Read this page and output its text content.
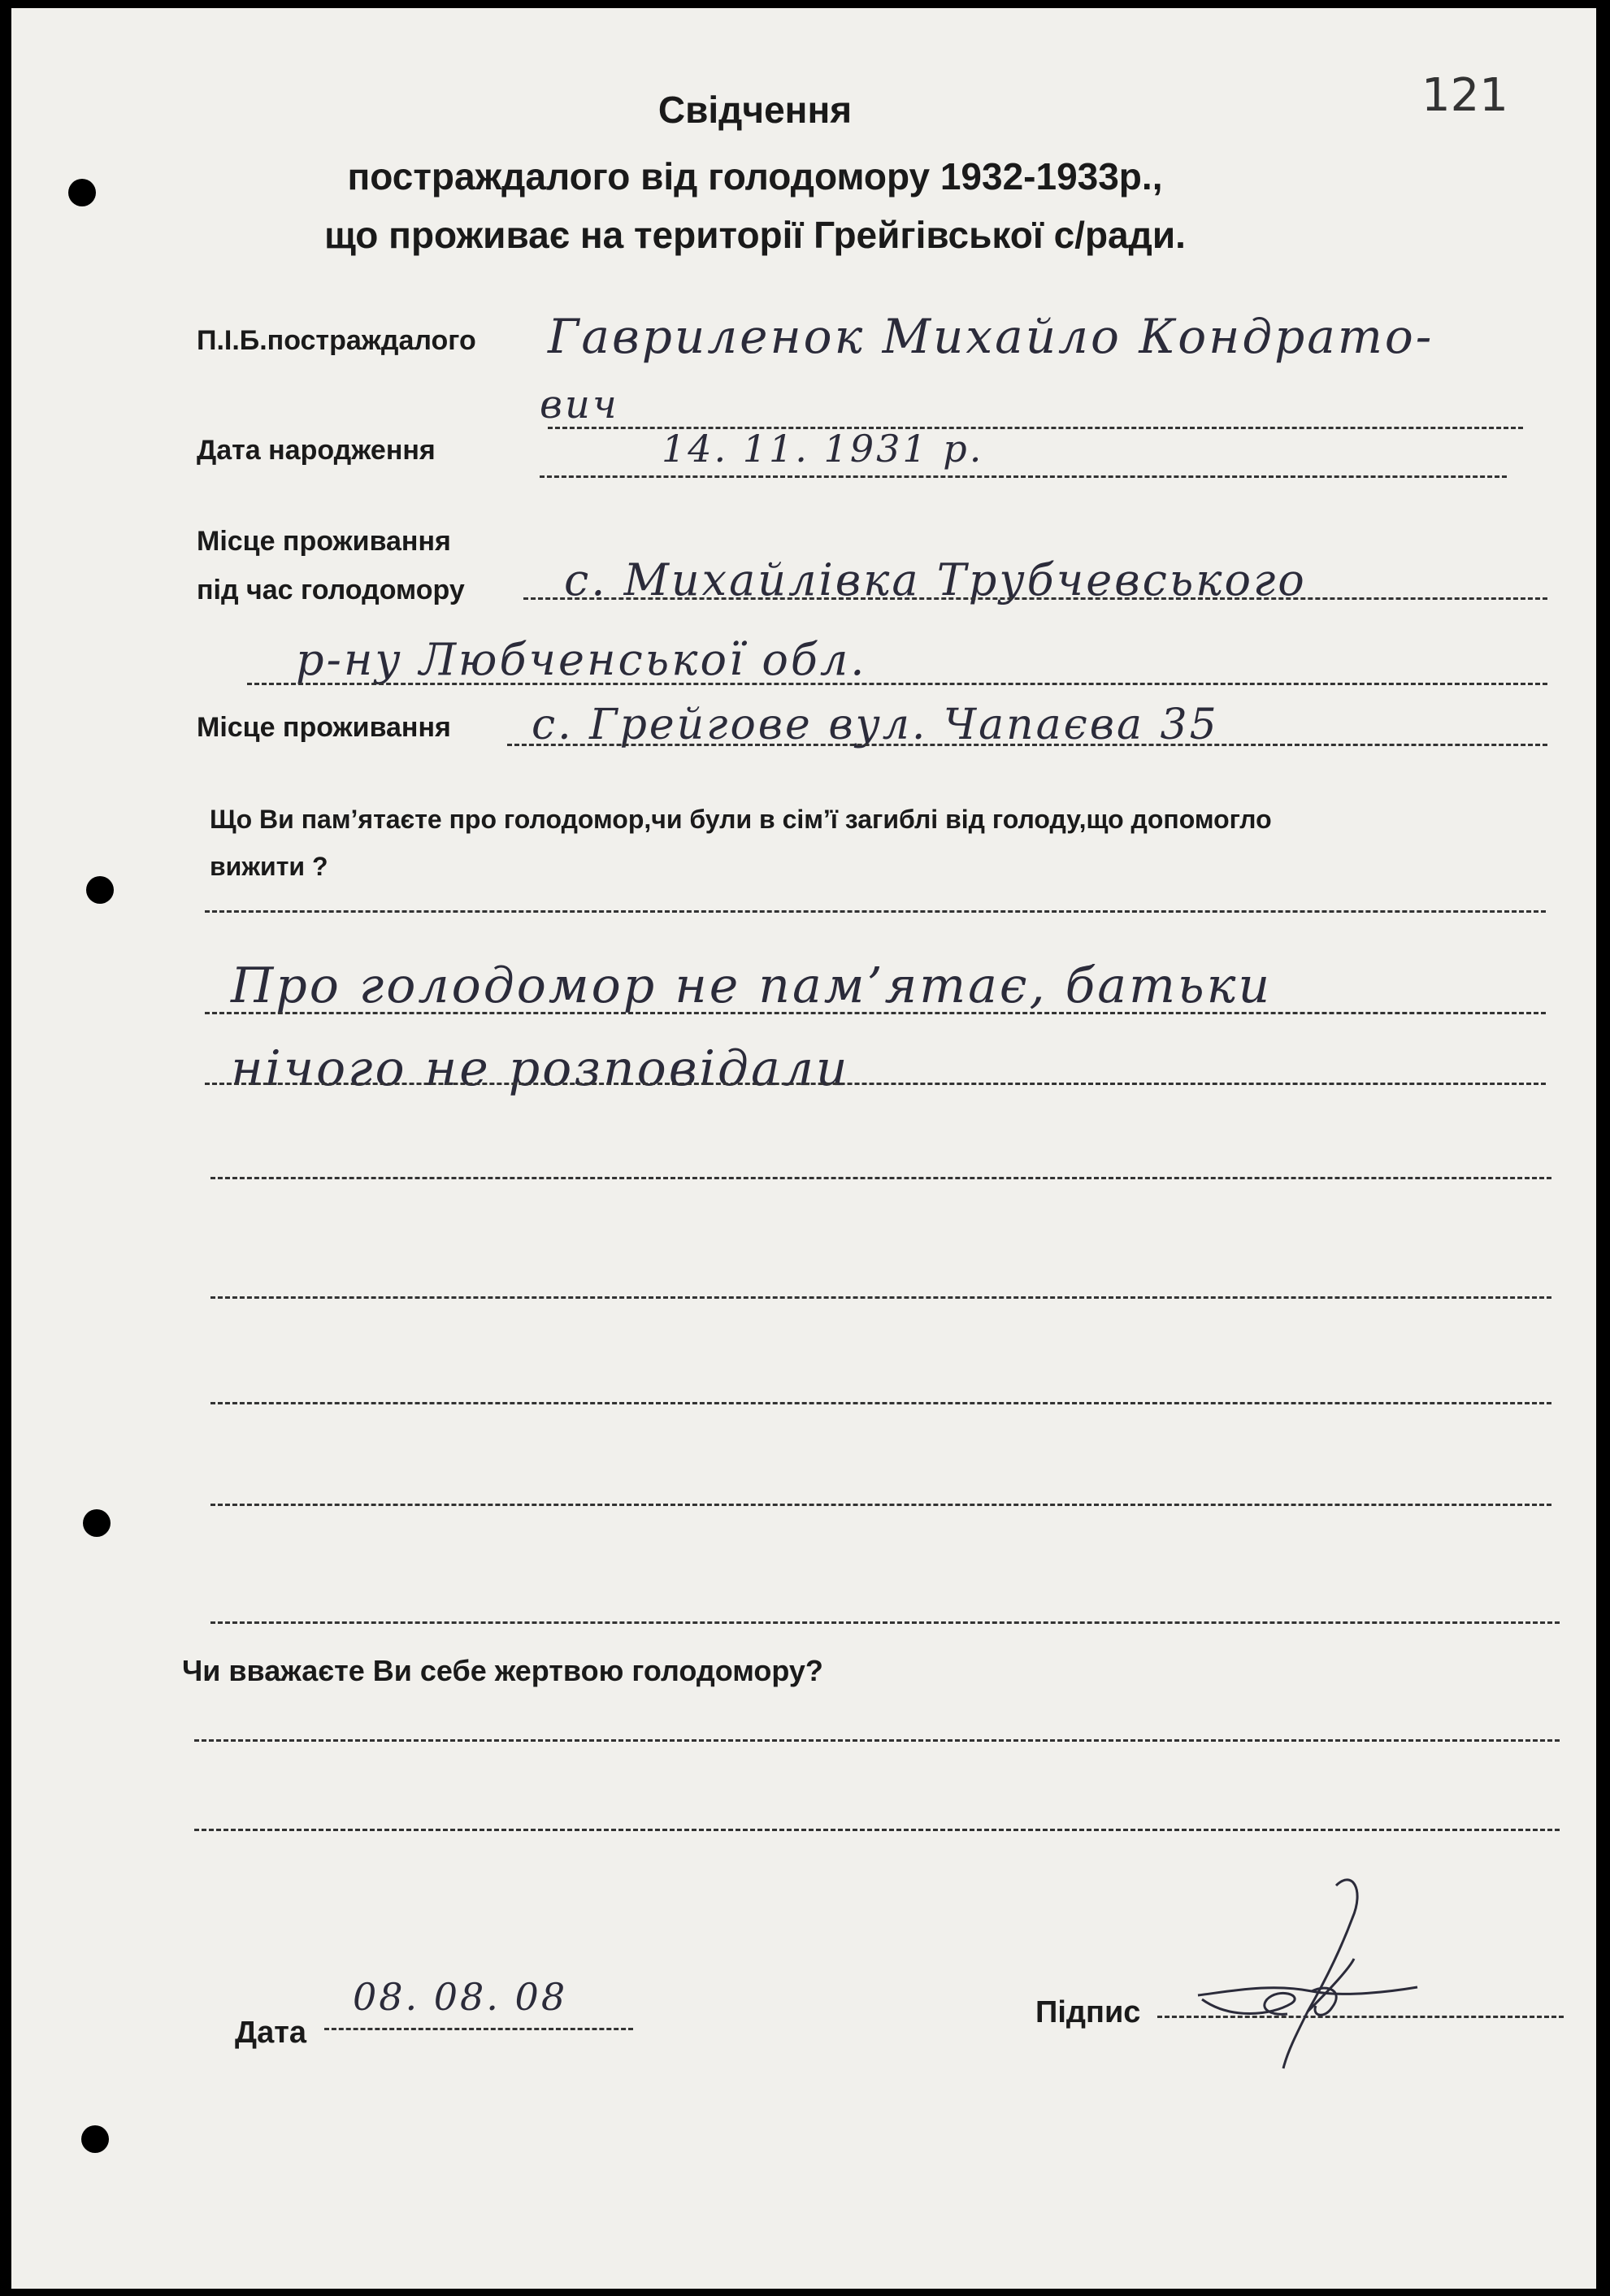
121
Свідчення
постраждалого від голодомору 1932-1933р.,
що проживає на території Грейгівської с/ради.
П.І.Б.постраждалого Гавриленок Михайло Кондрато-
вич
Дата народження	14. 11. 1931 р.
Місце проживання
під час голодомору с. Михайлівка Трубчевського
р-ну Любченської обл.
Місце проживання с. Грейгове вул. Чапаєва 35
Що Ви пам’ятаєте про голодомор,чи були в сім’ї загиблі від голоду,що допомогло
вижити ?
Про голодомор не пам’ятає, батьки
нічого не розповідали
Чи вважаєте Ви себе жертвою голодомору?
Дата
08. 08. 08	Підпис
